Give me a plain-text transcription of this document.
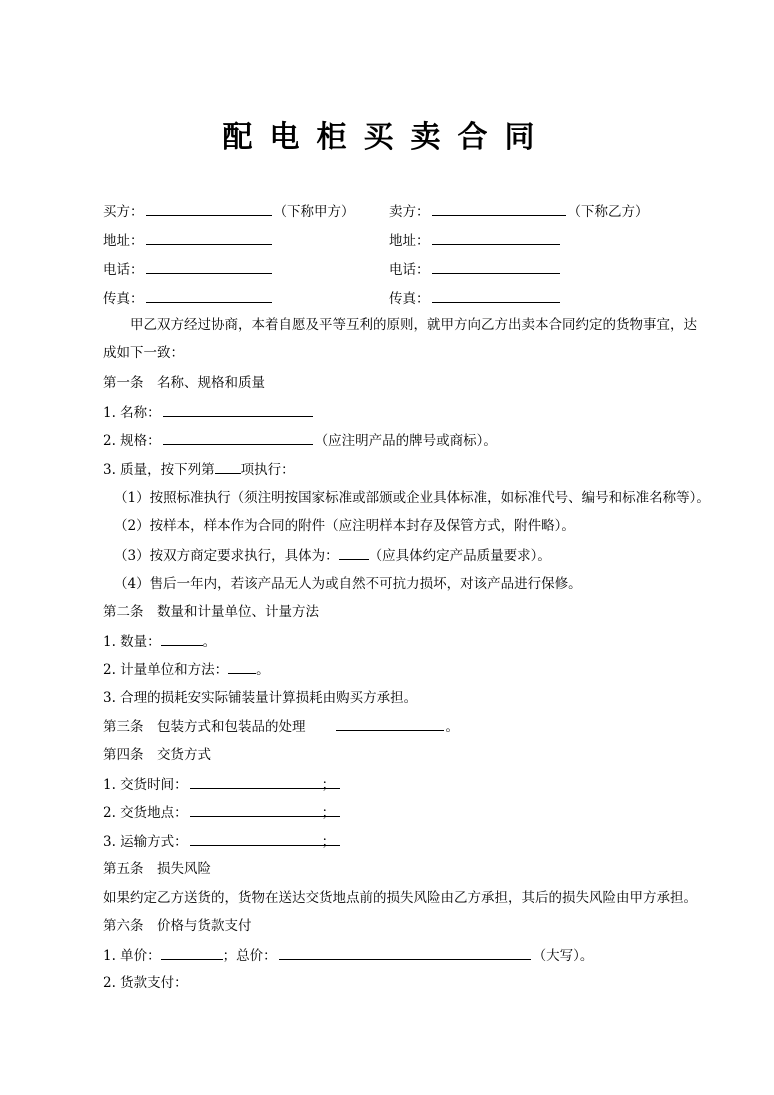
配电柜买卖合同
买方：	（下称甲方）	卖方：	（下称乙方）
地址：	地址：
电话：	电话：
传真：	传真：

甲乙双方经过协商，本着自愿及平等互利的原则，就甲方向乙方出卖本合同约定的货物事宜，达成如下一致：

第一条　名称、规格和质量
1. 名称：
2. 规格：	（应注明产品的牌号或商标）。
3. 质量，按下列第 项执行：
（1）按照标准执行（须注明按国家标准或部颁或企业具体标准，如标准代号、编号和标准名称等）。
（2）按样本，样本作为合同的附件（应注明样本封存及保管方式，附件略）。
（3）按双方商定要求执行，具体为： （应具体约定产品质量要求）。
（4）售后一年内，若该产品无人为或自然不可抗力损坏，对该产品进行保修。
第二条　数量和计量单位、计量方法
1. 数量：	。
2. 计量单位和方法： 。
3. 合理的损耗安实际铺装量计算损耗由购买方承担。
第三条　包装方式和包装品的处理	。
第四条　交货方式
1. 交货时间：	；
2. 交货地点：	；
3. 运输方式：	；
第五条　损失风险
如果约定乙方送货的，货物在送达交货地点前的损失风险由乙方承担，其后的损失风险由甲方承担。
第六条　价格与货款支付
1. 单价：	；总价：	（大写）。
2. 货款支付：
